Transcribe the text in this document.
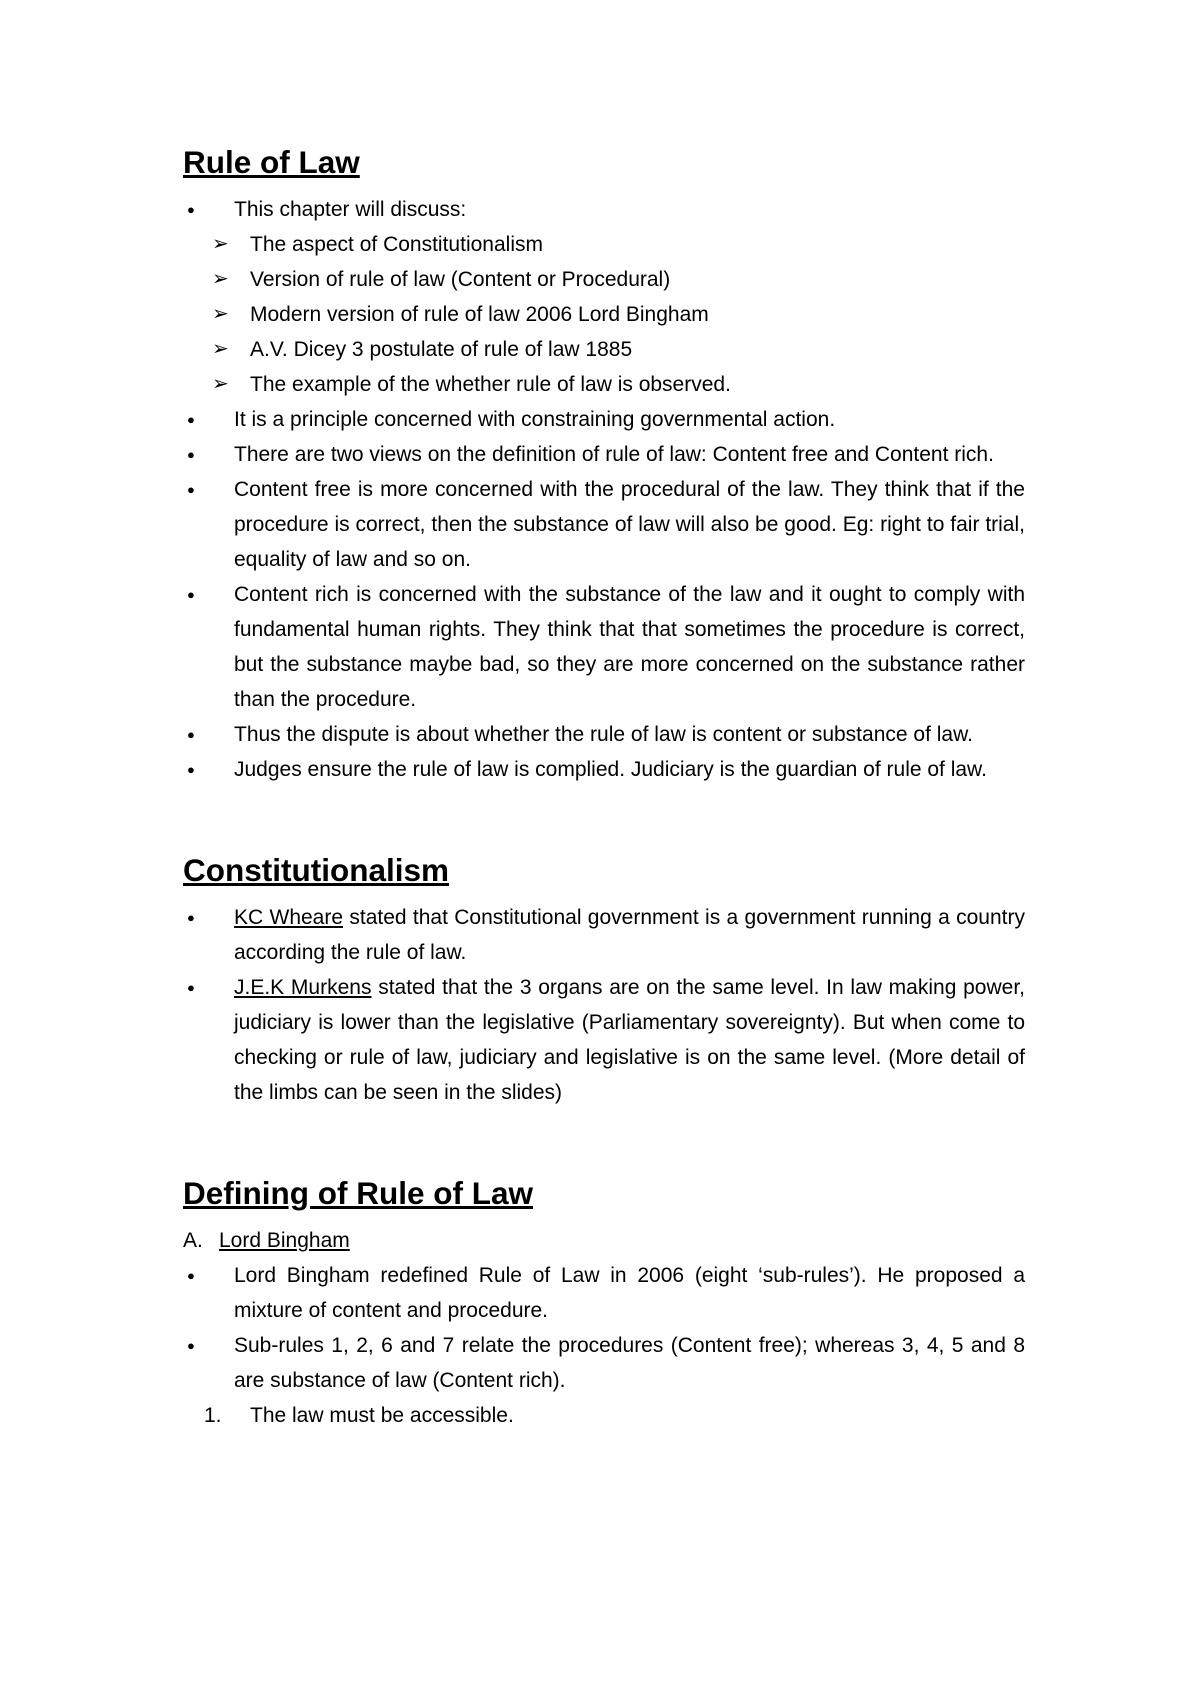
Rule of Law
● This chapter will discuss:
➢ The aspect of Constitutionalism
➢ Version of rule of law (Content or Procedural)
➢ Modern version of rule of law 2006 Lord Bingham
➢ A.V. Dicey 3 postulate of rule of law 1885
➢ The example of the whether rule of law is observed.
● It is a principle concerned with constraining governmental action.
● There are two views on the definition of rule of law: Content free and Content rich.
● Content free is more concerned with the procedural of the law. They think that if the procedure is correct, then the substance of law will also be good. Eg: right to fair trial, equality of law and so on.
● Content rich is concerned with the substance of the law and it ought to comply with fundamental human rights. They think that that sometimes the procedure is correct, but the substance maybe bad, so they are more concerned on the substance rather than the procedure.
● Thus the dispute is about whether the rule of law is content or substance of law.
● Judges ensure the rule of law is complied. Judiciary is the guardian of rule of law.
Constitutionalism
● KC Wheare stated that Constitutional government is a government running a country according the rule of law.
● J.E.K Murkens stated that the 3 organs are on the same level. In law making power, judiciary is lower than the legislative (Parliamentary sovereignty). But when come to checking or rule of law, judiciary and legislative is on the same level. (More detail of the limbs can be seen in the slides)
Defining of Rule of Law
A. Lord Bingham
● Lord Bingham redefined Rule of Law in 2006 (eight ‘sub-rules’). He proposed a mixture of content and procedure.
● Sub-rules 1, 2, 6 and 7 relate the procedures (Content free); whereas 3, 4, 5 and 8 are substance of law (Content rich).
1. The law must be accessible.
